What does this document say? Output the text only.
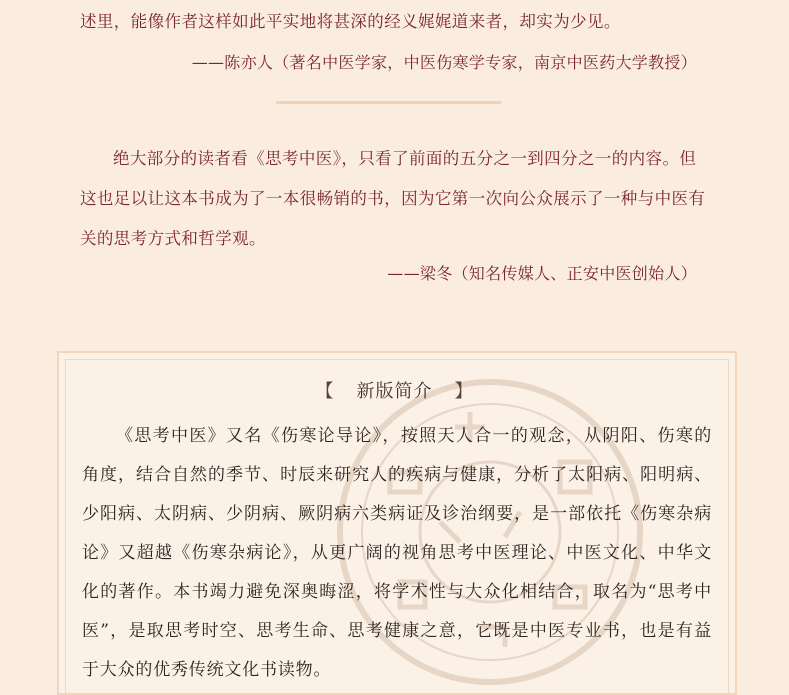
述里，能像作者这样如此平实地将甚深的经义娓娓道来者，却实为少见。

——陈亦人（著名中医学家，中医伤寒学专家，南京中医药大学教授）

绝大部分的读者看《思考中医》，只看了前面的五分之一到四分之一的内容。但这也足以让这本书成为了一本很畅销的书，因为它第一次向公众展示了一种与中医有关的思考方式和哲学观。

——梁冬（知名传媒人、正安中医创始人）
【 新版简介 】

《思考中医》又名《伤寒论导论》，按照天人合一的观念，从阴阳、伤寒的角度，结合自然的季节、时辰来研究人的疾病与健康，分析了太阳病、阳明病、少阳病、太阴病、少阴病、厥阴病六类病证及诊治纲要，是一部依托《伤寒杂病论》又超越《伤寒杂病论》，从更广阔的视角思考中医理论、中医文化、中华文化的著作。本书竭力避免深奥晦涩，将学术性与大众化相结合，取名为“思考中医”，是取思考时空、思考生命、思考健康之意，它既是中医专业书，也是有益于大众的优秀传统文化书读物。
